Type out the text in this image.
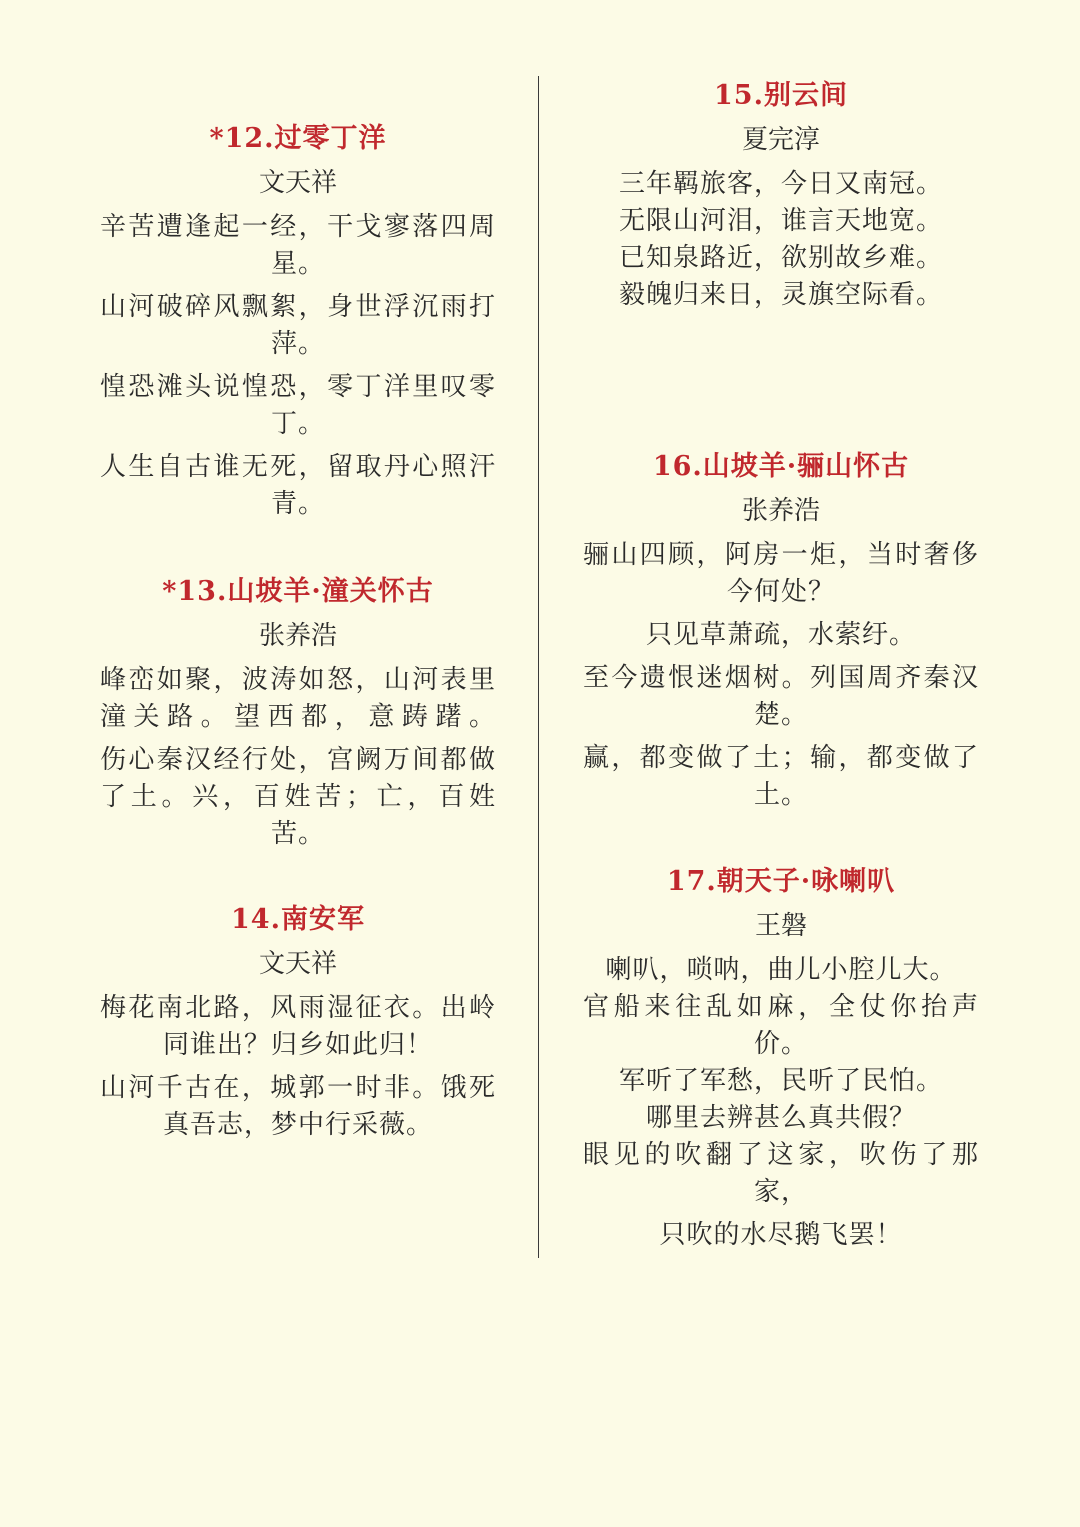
*12.过零丁洋
文天祥
辛苦遭逢起一经，干戈寥落四周星。
山河破碎风飘絮，身世浮沉雨打萍。
惶恐滩头说惶恐，零丁洋里叹零丁。
人生自古谁无死，留取丹心照汗青。
*13.山坡羊·潼关怀古
张养浩
峰峦如聚，波涛如怒，山河表里潼关路。望西都，意踌躇。
伤心秦汉经行处，宫阙万间都做了土。兴，百姓苦；亡，百姓苦。
14.南安军
文天祥
梅花南北路，风雨湿征衣。出岭同谁出？归乡如此归！
山河千古在，城郭一时非。饿死真吾志，梦中行采薇。
15.别云间
夏完淳
三年羁旅客，今日又南冠。
无限山河泪，谁言天地宽。
已知泉路近，欲别故乡难。
毅魄归来日，灵旗空际看。
16.山坡羊·骊山怀古
张养浩
骊山四顾，阿房一炬，当时奢侈今何处？
只见草萧疏，水萦纡。
至今遗恨迷烟树。列国周齐秦汉楚。
赢，都变做了土；输，都变做了土。
17.朝天子·咏喇叭
王磐
喇叭，唢呐，曲儿小腔儿大。
官船来往乱如麻，全仗你抬声价。
军听了军愁，民听了民怕。
哪里去辨甚么真共假？
眼见的吹翻了这家，吹伤了那家，
只吹的水尽鹅飞罢！
